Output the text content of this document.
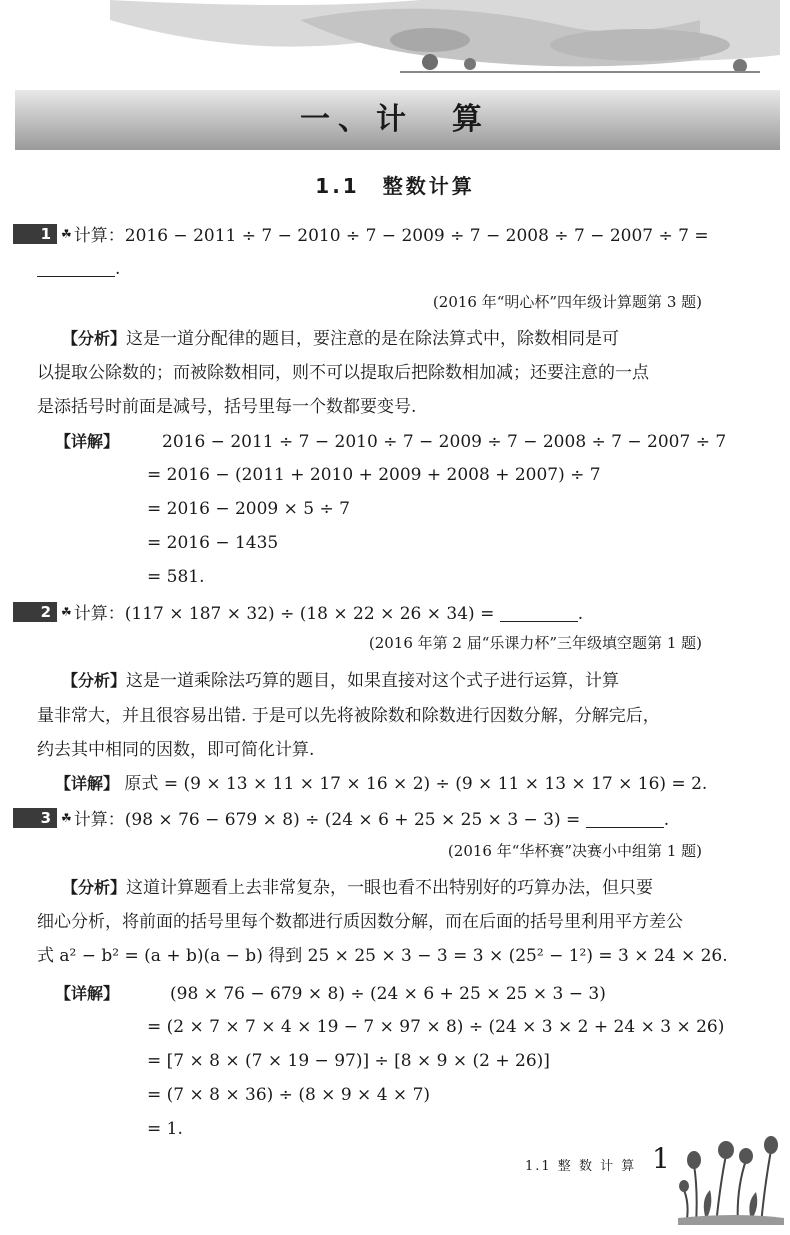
一、计　算
1.1　整数计算
1 ☘ 计算：2016 − 2011 ÷ 7 − 2010 ÷ 7 − 2009 ÷ 7 − 2008 ÷ 7 − 2007 ÷ 7 =
.
(2016 年“明心杯”四年级计算题第 3 题)
【分析】这是一道分配律的题目，要注意的是在除法算式中，除数相同是可
以提取公除数的；而被除数相同，则不可以提取后把除数相加减；还要注意的一点
是添括号时前面是减号，括号里每一个数都要变号.
【详解】	2016 − 2011 ÷ 7 − 2010 ÷ 7 − 2009 ÷ 7 − 2008 ÷ 7 − 2007 ÷ 7
= 2016 − (2011 + 2010 + 2009 + 2008 + 2007) ÷ 7
= 2016 − 2009 × 5 ÷ 7
= 2016 − 1435
= 581.
2 ☘ 计算：(117 × 187 × 32) ÷ (18 × 22 × 26 × 34) =	.
(2016 年第 2 届“乐课力杯”三年级填空题第 1 题)
【分析】这是一道乘除法巧算的题目，如果直接对这个式子进行运算，计算
量非常大，并且很容易出错. 于是可以先将被除数和除数进行因数分解，分解完后，
约去其中相同的因数，即可简化计算.
【详解】 原式 = (9 × 13 × 11 × 17 × 16 × 2) ÷ (9 × 11 × 13 × 17 × 16) = 2.
3 ☘ 计算：(98 × 76 − 679 × 8) ÷ (24 × 6 + 25 × 25 × 3 − 3) =	.
(2016 年“华杯赛”决赛小中组第 1 题)
【分析】这道计算题看上去非常复杂，一眼也看不出特别好的巧算办法，但只要
细心分析，将前面的括号里每个数都进行质因数分解，而在后面的括号里利用平方差公
式 a² − b² = (a + b)(a − b) 得到 25 × 25 × 3 − 3 = 3 × (25² − 1²) = 3 × 24 × 26.
【详解】	(98 × 76 − 679 × 8) ÷ (24 × 6 + 25 × 25 × 3 − 3)
= (2 × 7 × 7 × 4 × 19 − 7 × 97 × 8) ÷ (24 × 3 × 2 + 24 × 3 × 26)
= [7 × 8 × (7 × 19 − 97)] ÷ [8 × 9 × (2 + 26)]
= (7 × 8 × 36) ÷ (8 × 9 × 4 × 7)
= 1.
1.1 整 数 计 算 1
